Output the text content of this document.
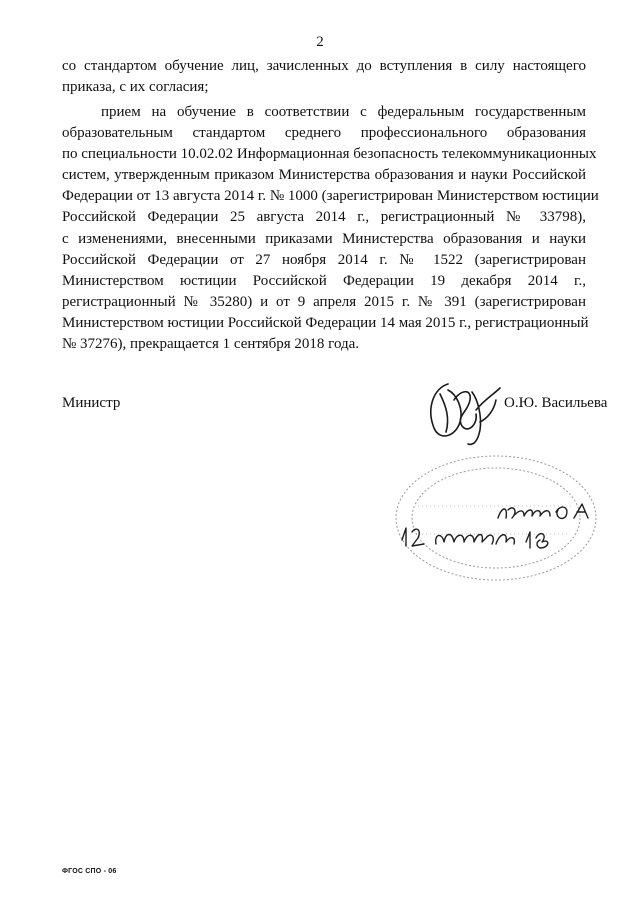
2
со стандартом обучение лиц, зачисленных до вступления в силу настоящего
приказа, с их согласия;
прием на обучение в соответствии с федеральным государственным
образовательным стандартом среднего профессионального образования
по специальности 10.02.02 Информационная безопасность телекоммуникационных
систем, утвержденным приказом Министерства образования и науки Российской
Федерации от 13 августа 2014 г. № 1000 (зарегистрирован Министерством юстиции
Российской Федерации 25 августа 2014 г., регистрационный № 33798),
с изменениями, внесенными приказами Министерства образования и науки
Российской Федерации от 27 ноября 2014 г. № 1522 (зарегистрирован
Министерством юстиции Российской Федерации 19 декабря 2014 г.,
регистрационный № 35280) и от 9 апреля 2015 г. № 391 (зарегистрирован
Министерством юстиции Российской Федерации 14 мая 2015 г., регистрационный
№ 37276), прекращается 1 сентября 2018 года.
Министр	О.Ю. Васильева
ФГОС СПО - 06
